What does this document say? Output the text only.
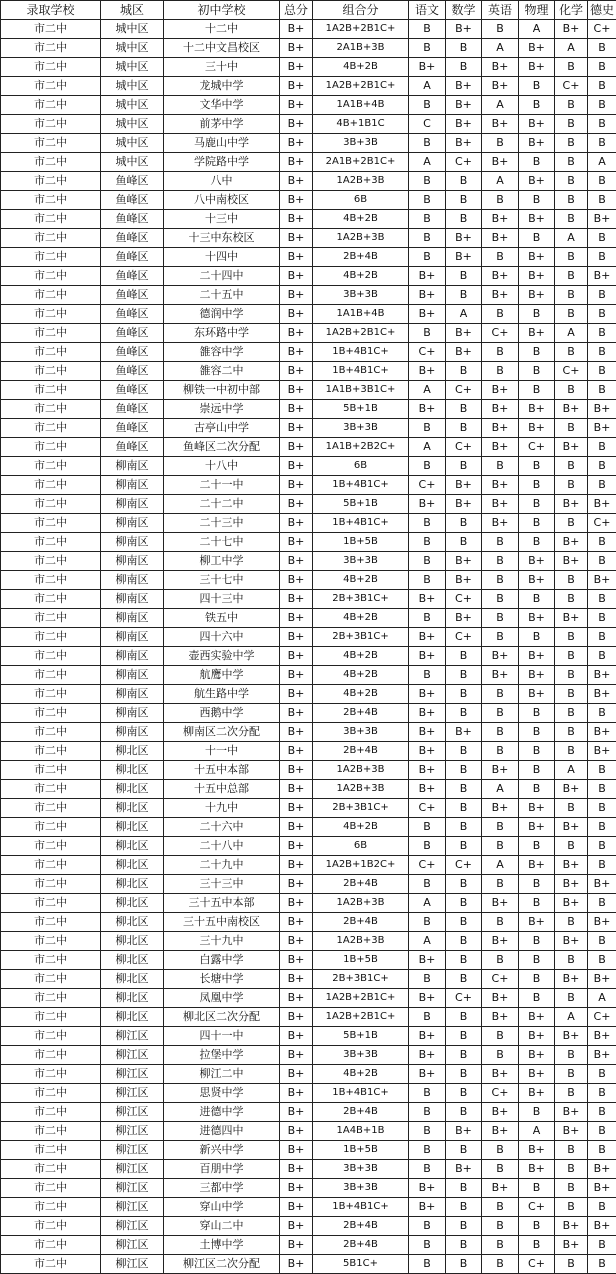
录取学校	城区	初中学校	总分	组合分	语文	数学	英语	物理	化学	德史
市二中	城中区	十二中	B+	1A2B+2B1C+	B	B+	B	A	B+	C+
市二中	城中区	十二中文昌校区	B+	2A1B+3B	B	B	A	B+	A	B
市二中	城中区	三十中	B+	4B+2B	B+	B	B+	B+	B	B
市二中	城中区	龙城中学	B+	1A2B+2B1C+	A	B+	B+	B	C+	B
市二中	城中区	文华中学	B+	1A1B+4B	B	B+	A	B	B	B
市二中	城中区	前茅中学	B+	4B+1B1C	C	B+	B+	B+	B	B
市二中	城中区	马鹿山中学	B+	3B+3B	B	B+	B	B+	B	B
市二中	城中区	学院路中学	B+	2A1B+2B1C+	A	C+	B+	B	B	A
市二中	鱼峰区	八中	B+	1A2B+3B	B	B	A	B+	B	B
市二中	鱼峰区	八中南校区	B+	6B	B	B	B	B	B	B
市二中	鱼峰区	十三中	B+	4B+2B	B	B	B+	B+	B	B+
市二中	鱼峰区	十三中东校区	B+	1A2B+3B	B	B+	B+	B	A	B
市二中	鱼峰区	十四中	B+	2B+4B	B	B+	B	B+	B	B
市二中	鱼峰区	二十四中	B+	4B+2B	B+	B	B+	B+	B	B+
市二中	鱼峰区	二十五中	B+	3B+3B	B+	B	B+	B+	B	B
市二中	鱼峰区	德润中学	B+	1A1B+4B	B+	A	B	B	B	B
市二中	鱼峰区	东环路中学	B+	1A2B+2B1C+	B	B+	C+	B+	A	B
市二中	鱼峰区	雒容中学	B+	1B+4B1C+	C+	B+	B	B	B	B
市二中	鱼峰区	雒容二中	B+	1B+4B1C+	B+	B	B	B	C+	B
市二中	鱼峰区	柳铁一中初中部	B+	1A1B+3B1C+	A	C+	B+	B	B	B
市二中	鱼峰区	崇远中学	B+	5B+1B	B+	B	B+	B+	B+	B+
市二中	鱼峰区	古亭山中学	B+	3B+3B	B	B	B+	B+	B	B+
市二中	鱼峰区	鱼峰区二次分配	B+	1A1B+2B2C+	A	C+	B+	C+	B+	B
市二中	柳南区	十八中	B+	6B	B	B	B	B	B	B
市二中	柳南区	二十一中	B+	1B+4B1C+	C+	B+	B+	B	B	B
市二中	柳南区	二十二中	B+	5B+1B	B+	B+	B+	B	B+	B+
市二中	柳南区	二十三中	B+	1B+4B1C+	B	B	B+	B	B	C+
市二中	柳南区	二十七中	B+	1B+5B	B	B	B	B	B+	B
市二中	柳南区	柳工中学	B+	3B+3B	B	B+	B	B+	B+	B
市二中	柳南区	三十七中	B+	4B+2B	B	B+	B	B+	B	B+
市二中	柳南区	四十三中	B+	2B+3B1C+	B+	C+	B	B	B	B
市二中	柳南区	铁五中	B+	4B+2B	B	B+	B	B+	B+	B
市二中	柳南区	四十六中	B+	2B+3B1C+	B+	C+	B	B	B	B
市二中	柳南区	壶西实验中学	B+	4B+2B	B+	B	B+	B+	B	B
市二中	柳南区	航鹰中学	B+	4B+2B	B	B	B+	B+	B	B+
市二中	柳南区	航生路中学	B+	4B+2B	B+	B	B	B+	B	B+
市二中	柳南区	西鹅中学	B+	2B+4B	B+	B	B	B	B	B
市二中	柳南区	柳南区二次分配	B+	3B+3B	B+	B+	B	B	B	B+
市二中	柳北区	十一中	B+	2B+4B	B+	B	B	B	B	B+
市二中	柳北区	十五中本部	B+	1A2B+3B	B+	B	B+	B	A	B
市二中	柳北区	十五中总部	B+	1A2B+3B	B+	B	A	B	B+	B
市二中	柳北区	十九中	B+	2B+3B1C+	C+	B	B+	B+	B	B
市二中	柳北区	二十六中	B+	4B+2B	B	B	B	B+	B+	B
市二中	柳北区	二十八中	B+	6B	B	B	B	B	B	B
市二中	柳北区	二十九中	B+	1A2B+1B2C+	C+	C+	A	B+	B+	B
市二中	柳北区	三十三中	B+	2B+4B	B	B	B	B	B+	B+
市二中	柳北区	三十五中本部	B+	1A2B+3B	A	B	B+	B	B+	B
市二中	柳北区	三十五中南校区	B+	2B+4B	B	B	B	B+	B	B+
市二中	柳北区	三十九中	B+	1A2B+3B	A	B	B+	B	B+	B
市二中	柳北区	白露中学	B+	1B+5B	B+	B	B	B	B	B
市二中	柳北区	长塘中学	B+	2B+3B1C+	B	B	C+	B	B+	B+
市二中	柳北区	凤凰中学	B+	1A2B+2B1C+	B+	C+	B+	B	B	A
市二中	柳北区	柳北区二次分配	B+	1A2B+2B1C+	B	B	B+	B+	A	C+
市二中	柳江区	四十一中	B+	5B+1B	B+	B	B	B+	B+	B+
市二中	柳江区	拉堡中学	B+	3B+3B	B+	B	B	B+	B	B+
市二中	柳江区	柳江二中	B+	4B+2B	B+	B	B+	B+	B	B
市二中	柳江区	思贤中学	B+	1B+4B1C+	B	B	C+	B+	B	B
市二中	柳江区	进德中学	B+	2B+4B	B	B	B+	B	B+	B
市二中	柳江区	进德四中	B+	1A4B+1B	B	B+	B+	A	B+	B
市二中	柳江区	新兴中学	B+	1B+5B	B	B	B	B+	B	B
市二中	柳江区	百朋中学	B+	3B+3B	B	B+	B	B+	B	B+
市二中	柳江区	三都中学	B+	3B+3B	B+	B	B+	B	B	B+
市二中	柳江区	穿山中学	B+	1B+4B1C+	B+	B	B	C+	B	B
市二中	柳江区	穿山二中	B+	2B+4B	B	B	B	B	B+	B+
市二中	柳江区	土博中学	B+	2B+4B	B	B	B	B	B+	B
市二中	柳江区	柳江区二次分配	B+	5B1C+	B	B	B	C+	B	B
